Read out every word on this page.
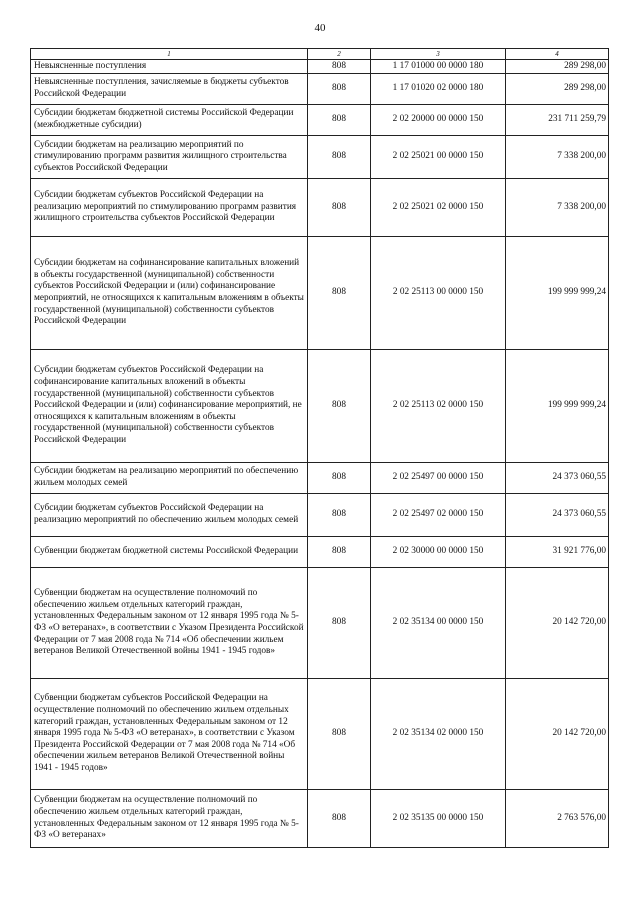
40
1	2	3	4
Невыясненные поступления	808	1 17 01000 00 0000 180	289 298,00
Невыясненные поступления, зачисляемые в бюджеты субъектов Российской Федерации	808	1 17 01020 02 0000 180	289 298,00
Субсидии бюджетам бюджетной системы Российской Федерации (межбюджетные субсидии)	808	2 02 20000 00 0000 150	231 711 259,79
Субсидии бюджетам на реализацию мероприятий по стимулированию программ развития жилищного строительства субъектов Российской Федерации	808	2 02 25021 00 0000 150	7 338 200,00
Субсидии бюджетам субъектов Российской Федерации на реализацию мероприятий по стимулированию программ развития жилищного строительства субъектов Российской Федерации	808	2 02 25021 02 0000 150	7 338 200,00
Субсидии бюджетам на софинансирование капитальных вложений в объекты государственной (муниципальной) собственности субъектов Российской Федерации и (или) софинансирование мероприятий, не относящихся к капитальным вложениям в объекты государственной (муниципальной) собственности субъектов Российской Федерации	808	2 02 25113 00 0000 150	199 999 999,24
Субсидии бюджетам субъектов Российской Федерации на софинансирование капитальных вложений в объекты государственной (муниципальной) собственности субъектов Российской Федерации и (или) софинансирование мероприятий, не относящихся к капитальным вложениям в объекты государственной (муниципальной) собственности субъектов Российской Федерации	808	2 02 25113 02 0000 150	199 999 999,24
Субсидии бюджетам на реализацию мероприятий по обеспечению жильем молодых семей	808	2 02 25497 00 0000 150	24 373 060,55
Субсидии бюджетам субъектов Российской Федерации на реализацию мероприятий по обеспечению жильем молодых семей	808	2 02 25497 02 0000 150	24 373 060,55
Субвенции бюджетам бюджетной системы Российской Федерации	808	2 02 30000 00 0000 150	31 921 776,00
Субвенции бюджетам на осуществление полномочий по обеспечению жильем отдельных категорий граждан, установленных Федеральным законом от 12 января 1995 года № 5-ФЗ «О ветеранах», в соответствии с Указом Президента Российской Федерации от 7 мая 2008 года № 714 «Об обеспечении жильем ветеранов Великой Отечественной войны 1941 - 1945 годов»	808	2 02 35134 00 0000 150	20 142 720,00
Субвенции бюджетам субъектов Российской Федерации на осуществление полномочий по обеспечению жильем отдельных категорий граждан, установленных Федеральным законом от 12 января 1995 года № 5-ФЗ «О ветеранах», в соответствии с Указом Президента Российской Федерации от 7 мая 2008 года № 714 «Об обеспечении жильем ветеранов Великой Отечественной войны 1941 - 1945 годов»	808	2 02 35134 02 0000 150	20 142 720,00
Субвенции бюджетам на осуществление полномочий по обеспечению жильем отдельных категорий граждан, установленных Федеральным законом от 12 января 1995 года № 5-ФЗ «О ветеранах»	808	2 02 35135 00 0000 150	2 763 576,00
